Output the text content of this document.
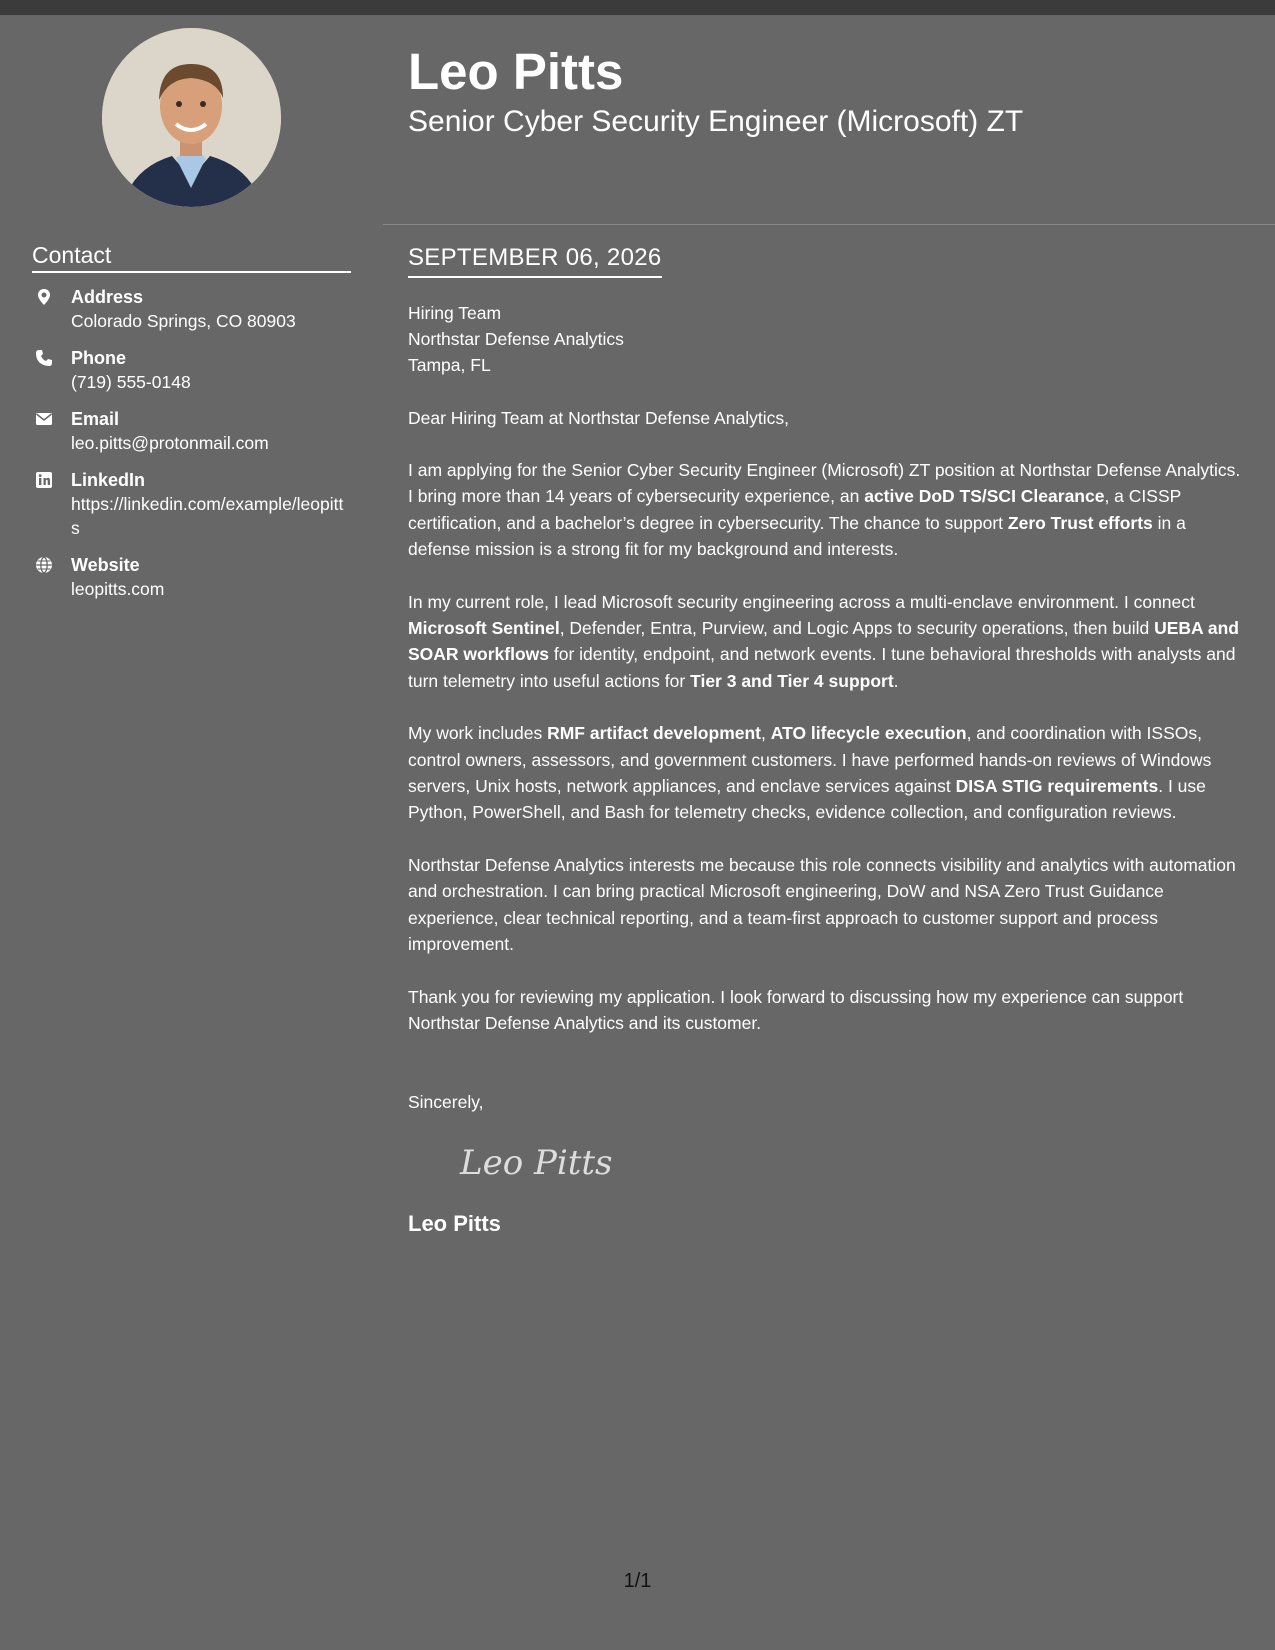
Contact
Address
Colorado Springs, CO 80903
Phone
(719) 555-0148
Email
leo.pitts@protonmail.com
LinkedIn
https://linkedin.com/example/leopitts
Website
leopitts.com
Leo Pitts
Senior Cyber Security Engineer (Microsoft) ZT
SEPTEMBER 06, 2026
Hiring Team
Northstar Defense Analytics
Tampa, FL
Dear Hiring Team at Northstar Defense Analytics,
I am applying for the Senior Cyber Security Engineer (Microsoft) ZT position at Northstar Defense Analytics. I bring more than 14 years of cybersecurity experience, an active DoD TS/SCI Clearance, a CISSP certification, and a bachelor’s degree in cybersecurity. The chance to support Zero Trust efforts in a defense mission is a strong fit for my background and interests.
In my current role, I lead Microsoft security engineering across a multi-enclave environment. I connect Microsoft Sentinel, Defender, Entra, Purview, and Logic Apps to security operations, then build UEBA and SOAR workflows for identity, endpoint, and network events. I tune behavioral thresholds with analysts and turn telemetry into useful actions for Tier 3 and Tier 4 support.
My work includes RMF artifact development, ATO lifecycle execution, and coordination with ISSOs, control owners, assessors, and government customers. I have performed hands-on reviews of Windows servers, Unix hosts, network appliances, and enclave services against DISA STIG requirements. I use Python, PowerShell, and Bash for telemetry checks, evidence collection, and configuration reviews.
Northstar Defense Analytics interests me because this role connects visibility and analytics with automation and orchestration. I can bring practical Microsoft engineering, DoW and NSA Zero Trust Guidance experience, clear technical reporting, and a team-first approach to customer support and process improvement.
Thank you for reviewing my application. I look forward to discussing how my experience can support Northstar Defense Analytics and its customer.
Sincerely,
Leo Pitts
Leo Pitts
1/1
